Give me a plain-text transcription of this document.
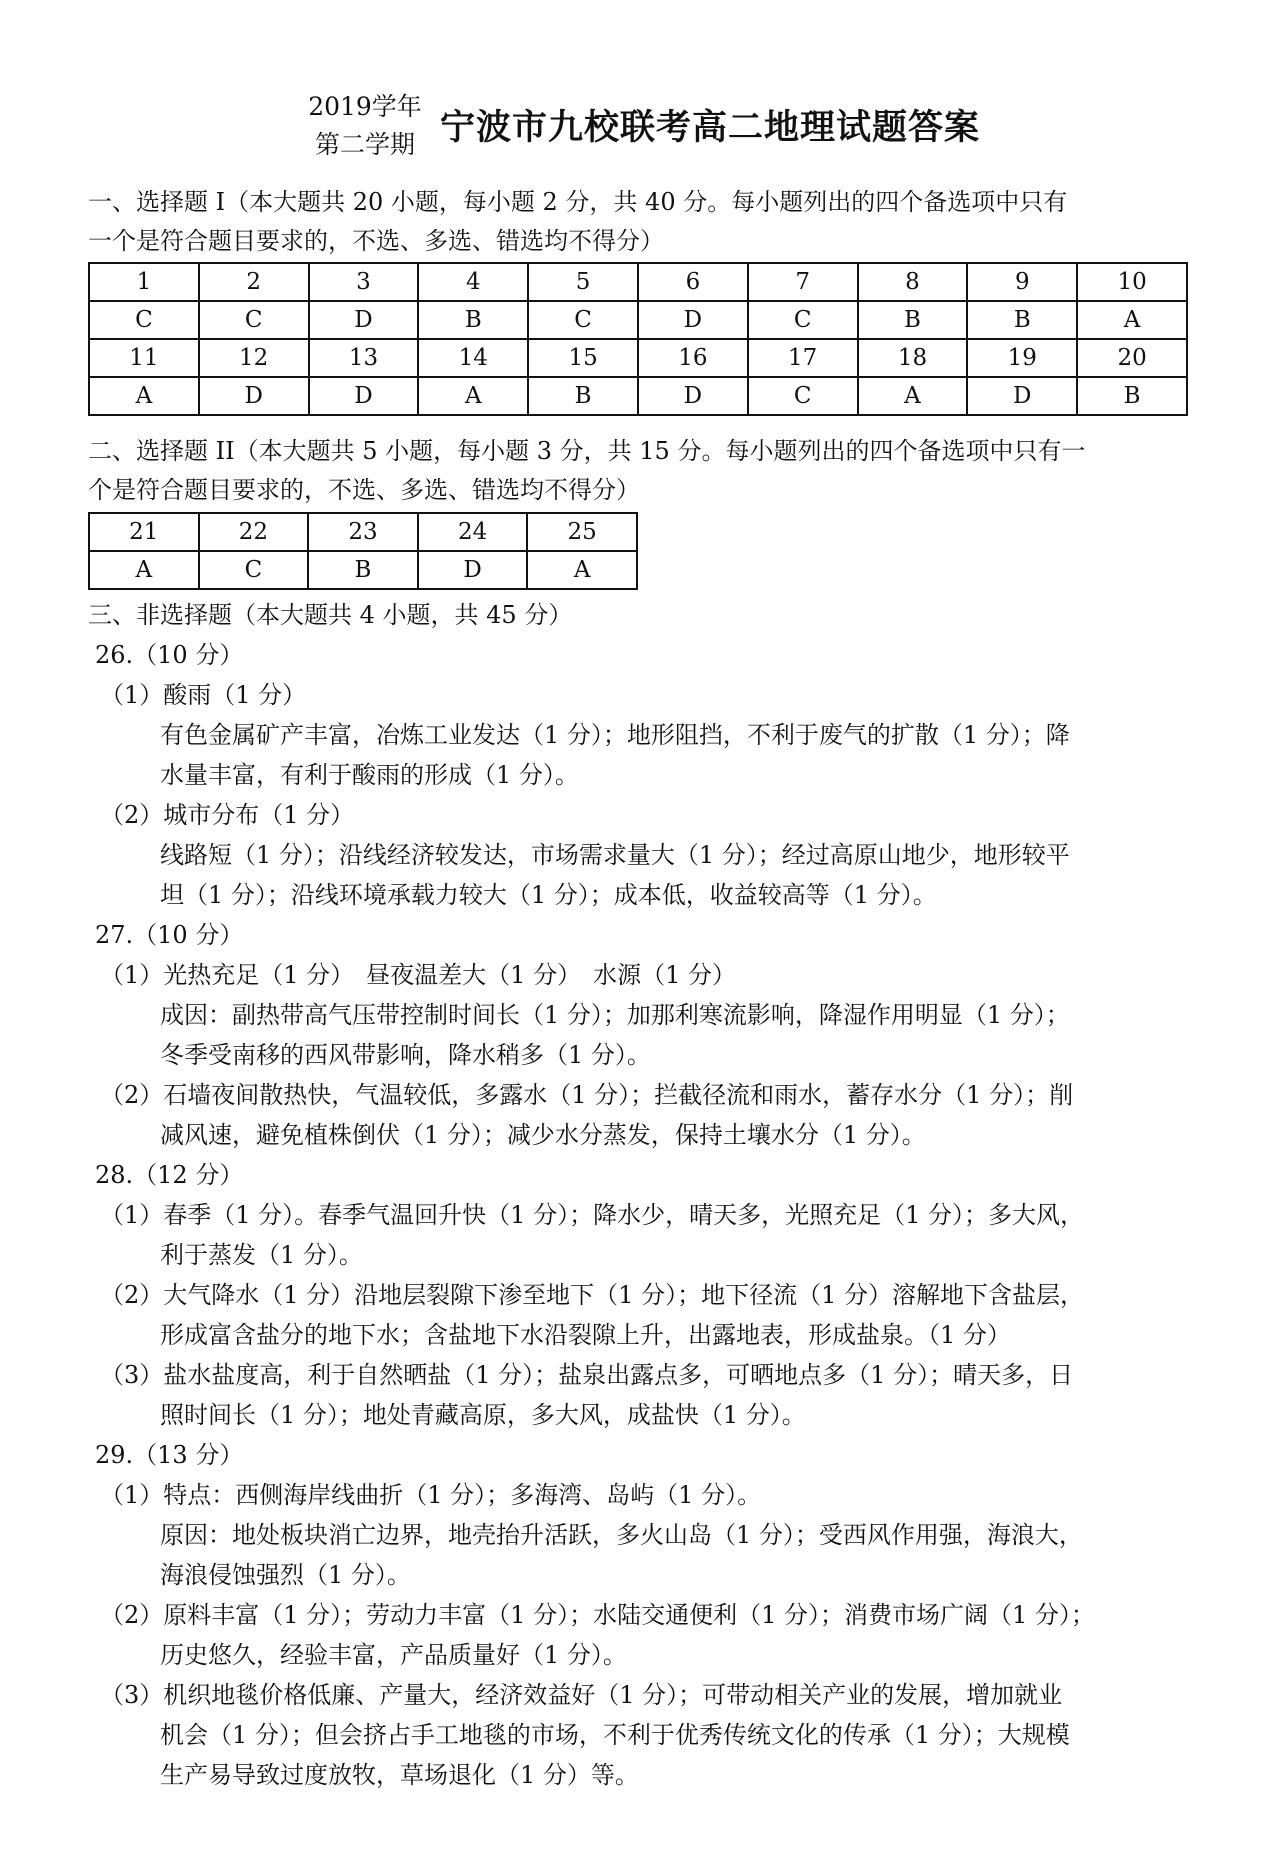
2019学年
第二学期 宁波市九校联考高二地理试题答案
一、选择题 I（本大题共 20 小题，每小题 2 分，共 40 分。每小题列出的四个备选项中只有
一个是符合题目要求的，不选、多选、错选均不得分）
1	2	3	4	5	6	7	8	9	10
C	C	D	B	C	D	C	B	B	A
11	12	13	14	15	16	17	18	19	20
A	D	D	A	B	D	C	A	D	B
二、选择题 II（本大题共 5 小题，每小题 3 分，共 15 分。每小题列出的四个备选项中只有一
个是符合题目要求的，不选、多选、错选均不得分）
21	22	23	24	25
A	C	B	D	A
三、非选择题（本大题共 4 小题，共 45 分）
26.（10 分）
（1）酸雨（1 分）
有色金属矿产丰富，冶炼工业发达（1 分）；地形阻挡，不利于废气的扩散（1 分）；降
水量丰富，有利于酸雨的形成（1 分）。
（2）城市分布（1 分）
线路短（1 分）；沿线经济较发达，市场需求量大（1 分）；经过高原山地少，地形较平
坦（1 分）；沿线环境承载力较大（1 分）；成本低，收益较高等（1 分）。
27.（10 分）
（1）光热充足（1 分）　昼夜温差大（1 分）　水源（1 分）
成因：副热带高气压带控制时间长（1 分）；加那利寒流影响，降湿作用明显（1 分）；
冬季受南移的西风带影响，降水稍多（1 分）。
（2）石墙夜间散热快，气温较低，多露水（1 分）；拦截径流和雨水，蓄存水分（1 分）；削
减风速，避免植株倒伏（1 分）；减少水分蒸发，保持土壤水分（1 分）。
28.（12 分）
（1）春季（1 分）。春季气温回升快（1 分）；降水少，晴天多，光照充足（1 分）；多大风，
利于蒸发（1 分）。
（2）大气降水（1 分）沿地层裂隙下渗至地下（1 分）；地下径流（1 分）溶解地下含盐层，
形成富含盐分的地下水；含盐地下水沿裂隙上升，出露地表，形成盐泉。（1 分）
（3）盐水盐度高，利于自然晒盐（1 分）；盐泉出露点多，可晒地点多（1 分）；晴天多，日
照时间长（1 分）；地处青藏高原，多大风，成盐快（1 分）。
29.（13 分）
（1）特点：西侧海岸线曲折（1 分）；多海湾、岛屿（1 分）。
原因：地处板块消亡边界，地壳抬升活跃，多火山岛（1 分）；受西风作用强，海浪大，
海浪侵蚀强烈（1 分）。
（2）原料丰富（1 分）；劳动力丰富（1 分）；水陆交通便利（1 分）；消费市场广阔（1 分）；
历史悠久，经验丰富，产品质量好（1 分）。
（3）机织地毯价格低廉、产量大，经济效益好（1 分）；可带动相关产业的发展，增加就业
机会（1 分）；但会挤占手工地毯的市场，不利于优秀传统文化的传承（1 分）；大规模
生产易导致过度放牧，草场退化（1 分）等。
